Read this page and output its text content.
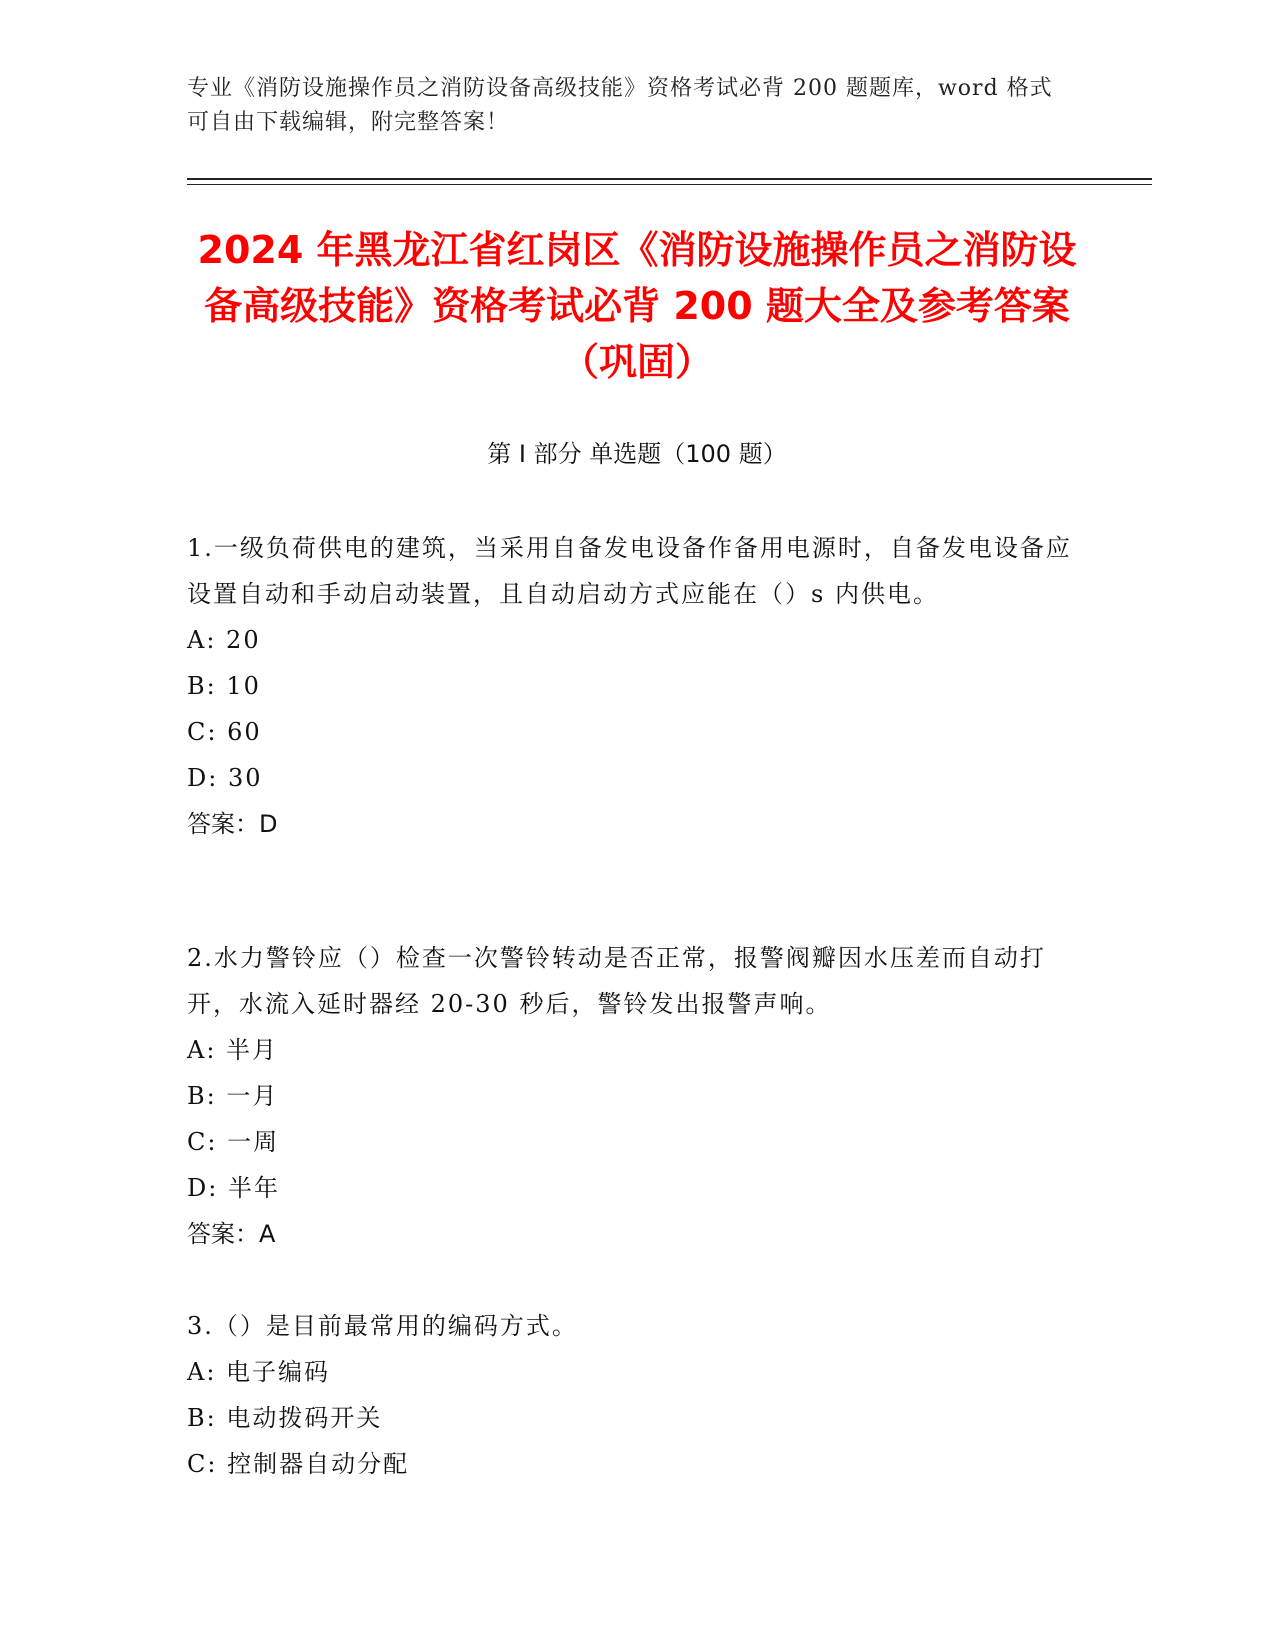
专业《消防设施操作员之消防设备高级技能》资格考试必背 200 题题库，word 格式可自由下载编辑，附完整答案！
2024 年黑龙江省红岗区《消防设施操作员之消防设备高级技能》资格考试必背 200 题大全及参考答案（巩固）
第 I 部分 单选题（100 题）
1.一级负荷供电的建筑，当采用自备发电设备作备用电源时，自备发电设备应设置自动和手动启动装置，且自动启动方式应能在（）s 内供电。
A: 20
B: 10
C: 60
D: 30
答案：D
2.水力警铃应（）检查一次警铃转动是否正常，报警阀瓣因水压差而自动打开，水流入延时器经 20-30 秒后，警铃发出报警声响。
A: 半月
B: 一月
C: 一周
D: 半年
答案：A
3.（）是目前最常用的编码方式。
A: 电子编码
B: 电动拨码开关
C: 控制器自动分配
